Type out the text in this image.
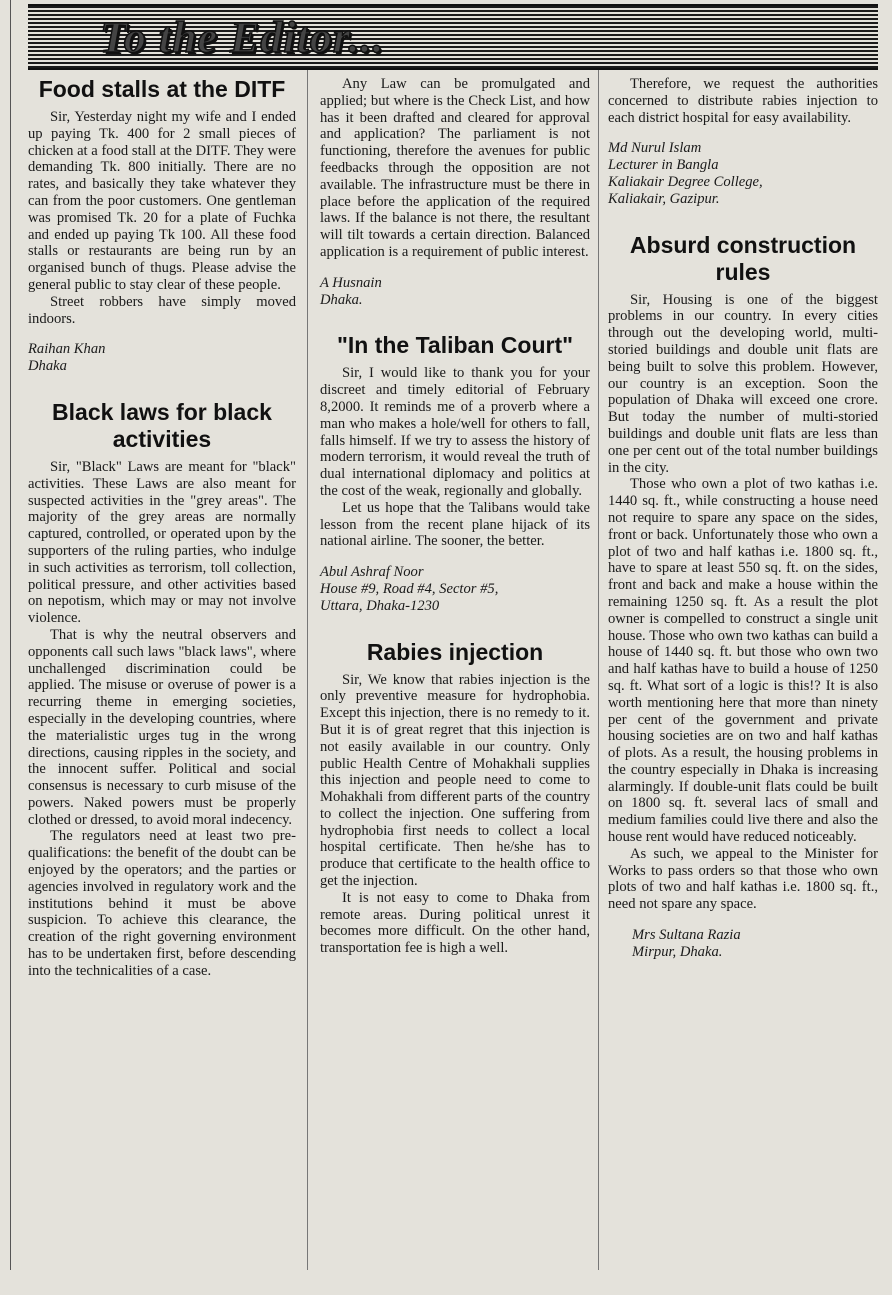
To the Editor...
Food stalls at the DITF

Sir, Yesterday night my wife and I ended up paying Tk. 400 for 2 small pieces of chicken at a food stall at the DITF. They were demanding Tk. 800 initially. There are no rates, and basically they take whatever they can from the poor customers. One gentleman was promised Tk. 20 for a plate of Fuchka and ended up paying Tk 100. All these food stalls or restaurants are being run by an organised bunch of thugs. Please advise the general public to stay clear of these people.

Street robbers have simply moved indoors.

Raihan Khan

Dhaka

Black laws for black activities

Sir, "Black" Laws are meant for "black" activities. These Laws are also meant for suspected activities in the "grey areas". The majority of the grey areas are normally captured, controlled, or operated upon by the supporters of the ruling parties, who indulge in such activities as terrorism, toll collection, political pressure, and other activities based on nepotism, which may or may not involve violence.

That is why the neutral observers and opponents call such laws "black laws", where unchallenged discrimination could be applied. The misuse or overuse of power is a recurring theme in emerging societies, especially in the developing countries, where the materialistic urges tug in the wrong directions, causing ripples in the society, and the innocent suffer. Political and social consensus is necessary to curb misuse of the powers. Naked powers must be properly clothed or dressed, to avoid moral indecency.

The regulators need at least two pre-qualifications: the benefit of the doubt can be enjoyed by the operators; and the parties or agencies involved in regulatory work and the institutions behind it must be above suspicion. To achieve this clearance, the creation of the right governing environment has to be undertaken first, before descending into the technicalities of a case.

Any Law can be promulgated and applied; but where is the Check List, and how has it been drafted and cleared for approval and application? The parliament is not functioning, therefore the avenues for public feedbacks through the opposition are not available. The infrastructure must be there in place before the application of the required laws. If the balance is not there, the resultant will tilt towards a certain direction. Balanced application is a requirement of public interest.

A Husnain

Dhaka.

"In the Taliban Court"

Sir, I would like to thank you for your discreet and timely editorial of February 8,2000. It reminds me of a proverb where a man who makes a hole/well for others to fall, falls himself. If we try to assess the history of modern terrorism, it would reveal the truth of dual international diplomacy and politics at the cost of the weak, regionally and globally.

Let us hope that the Talibans would take lesson from the recent plane hijack of its national airline. The sooner, the better.

Abul Ashraf Noor

House #9, Road #4, Sector #5,

Uttara, Dhaka-1230

Rabies injection

Sir, We know that rabies injection is the only preventive measure for hydrophobia. Except this injection, there is no remedy to it. But it is of great regret that this injection is not easily available in our country. Only public Health Centre of Mohakhali supplies this injection and people need to come to Mohakhali from different parts of the country to collect the injection. One suffering from hydrophobia first needs to collect a local hospital certificate. Then he/she has to produce that certificate to the health office to get the injection.

It is not easy to come to Dhaka from remote areas. During political unrest it becomes more difficult. On the other hand, transportation fee is high a well.

Therefore, we request the authorities concerned to distribute rabies injection to each district hospital for easy availability.

Md Nurul Islam

Lecturer in Bangla

Kaliakair Degree College,

Kaliakair, Gazipur.

Absurd construction rules

Sir, Housing is one of the biggest problems in our country. In every cities through out the developing world, multi-storied buildings and double unit flats are being built to solve this problem. However, our country is an exception. Soon the population of Dhaka will exceed one crore. But today the number of multi-storied buildings and double unit flats are less than one per cent out of the total number buildings in the city.

Those who own a plot of two kathas i.e. 1440 sq. ft., while constructing a house need not require to spare any space on the sides, front or back. Unfortunately those who own a plot of two and half kathas i.e. 1800 sq. ft., have to spare at least 550 sq. ft. on the sides, front and back and make a house within the remaining 1250 sq. ft. As a result the plot owner is compelled to construct a single unit house. Those who own two kathas can build a house of 1440 sq. ft. but those who own two and half kathas have to build a house of 1250 sq. ft. What sort of a logic is this!? It is also worth mentioning here that more than ninety per cent of the government and private housing societies are on two and half kathas of plots. As a result, the housing problems in the country especially in Dhaka is increasing alarmingly. If double-unit flats could be built on 1800 sq. ft. several lacs of small and medium families could live there and also the house rent would have reduced noticeably.

As such, we appeal to the Minister for Works to pass orders so that those who own plots of two and half kathas i.e. 1800 sq. ft., need not spare any space.

Mrs Sultana Razia

Mirpur, Dhaka.
